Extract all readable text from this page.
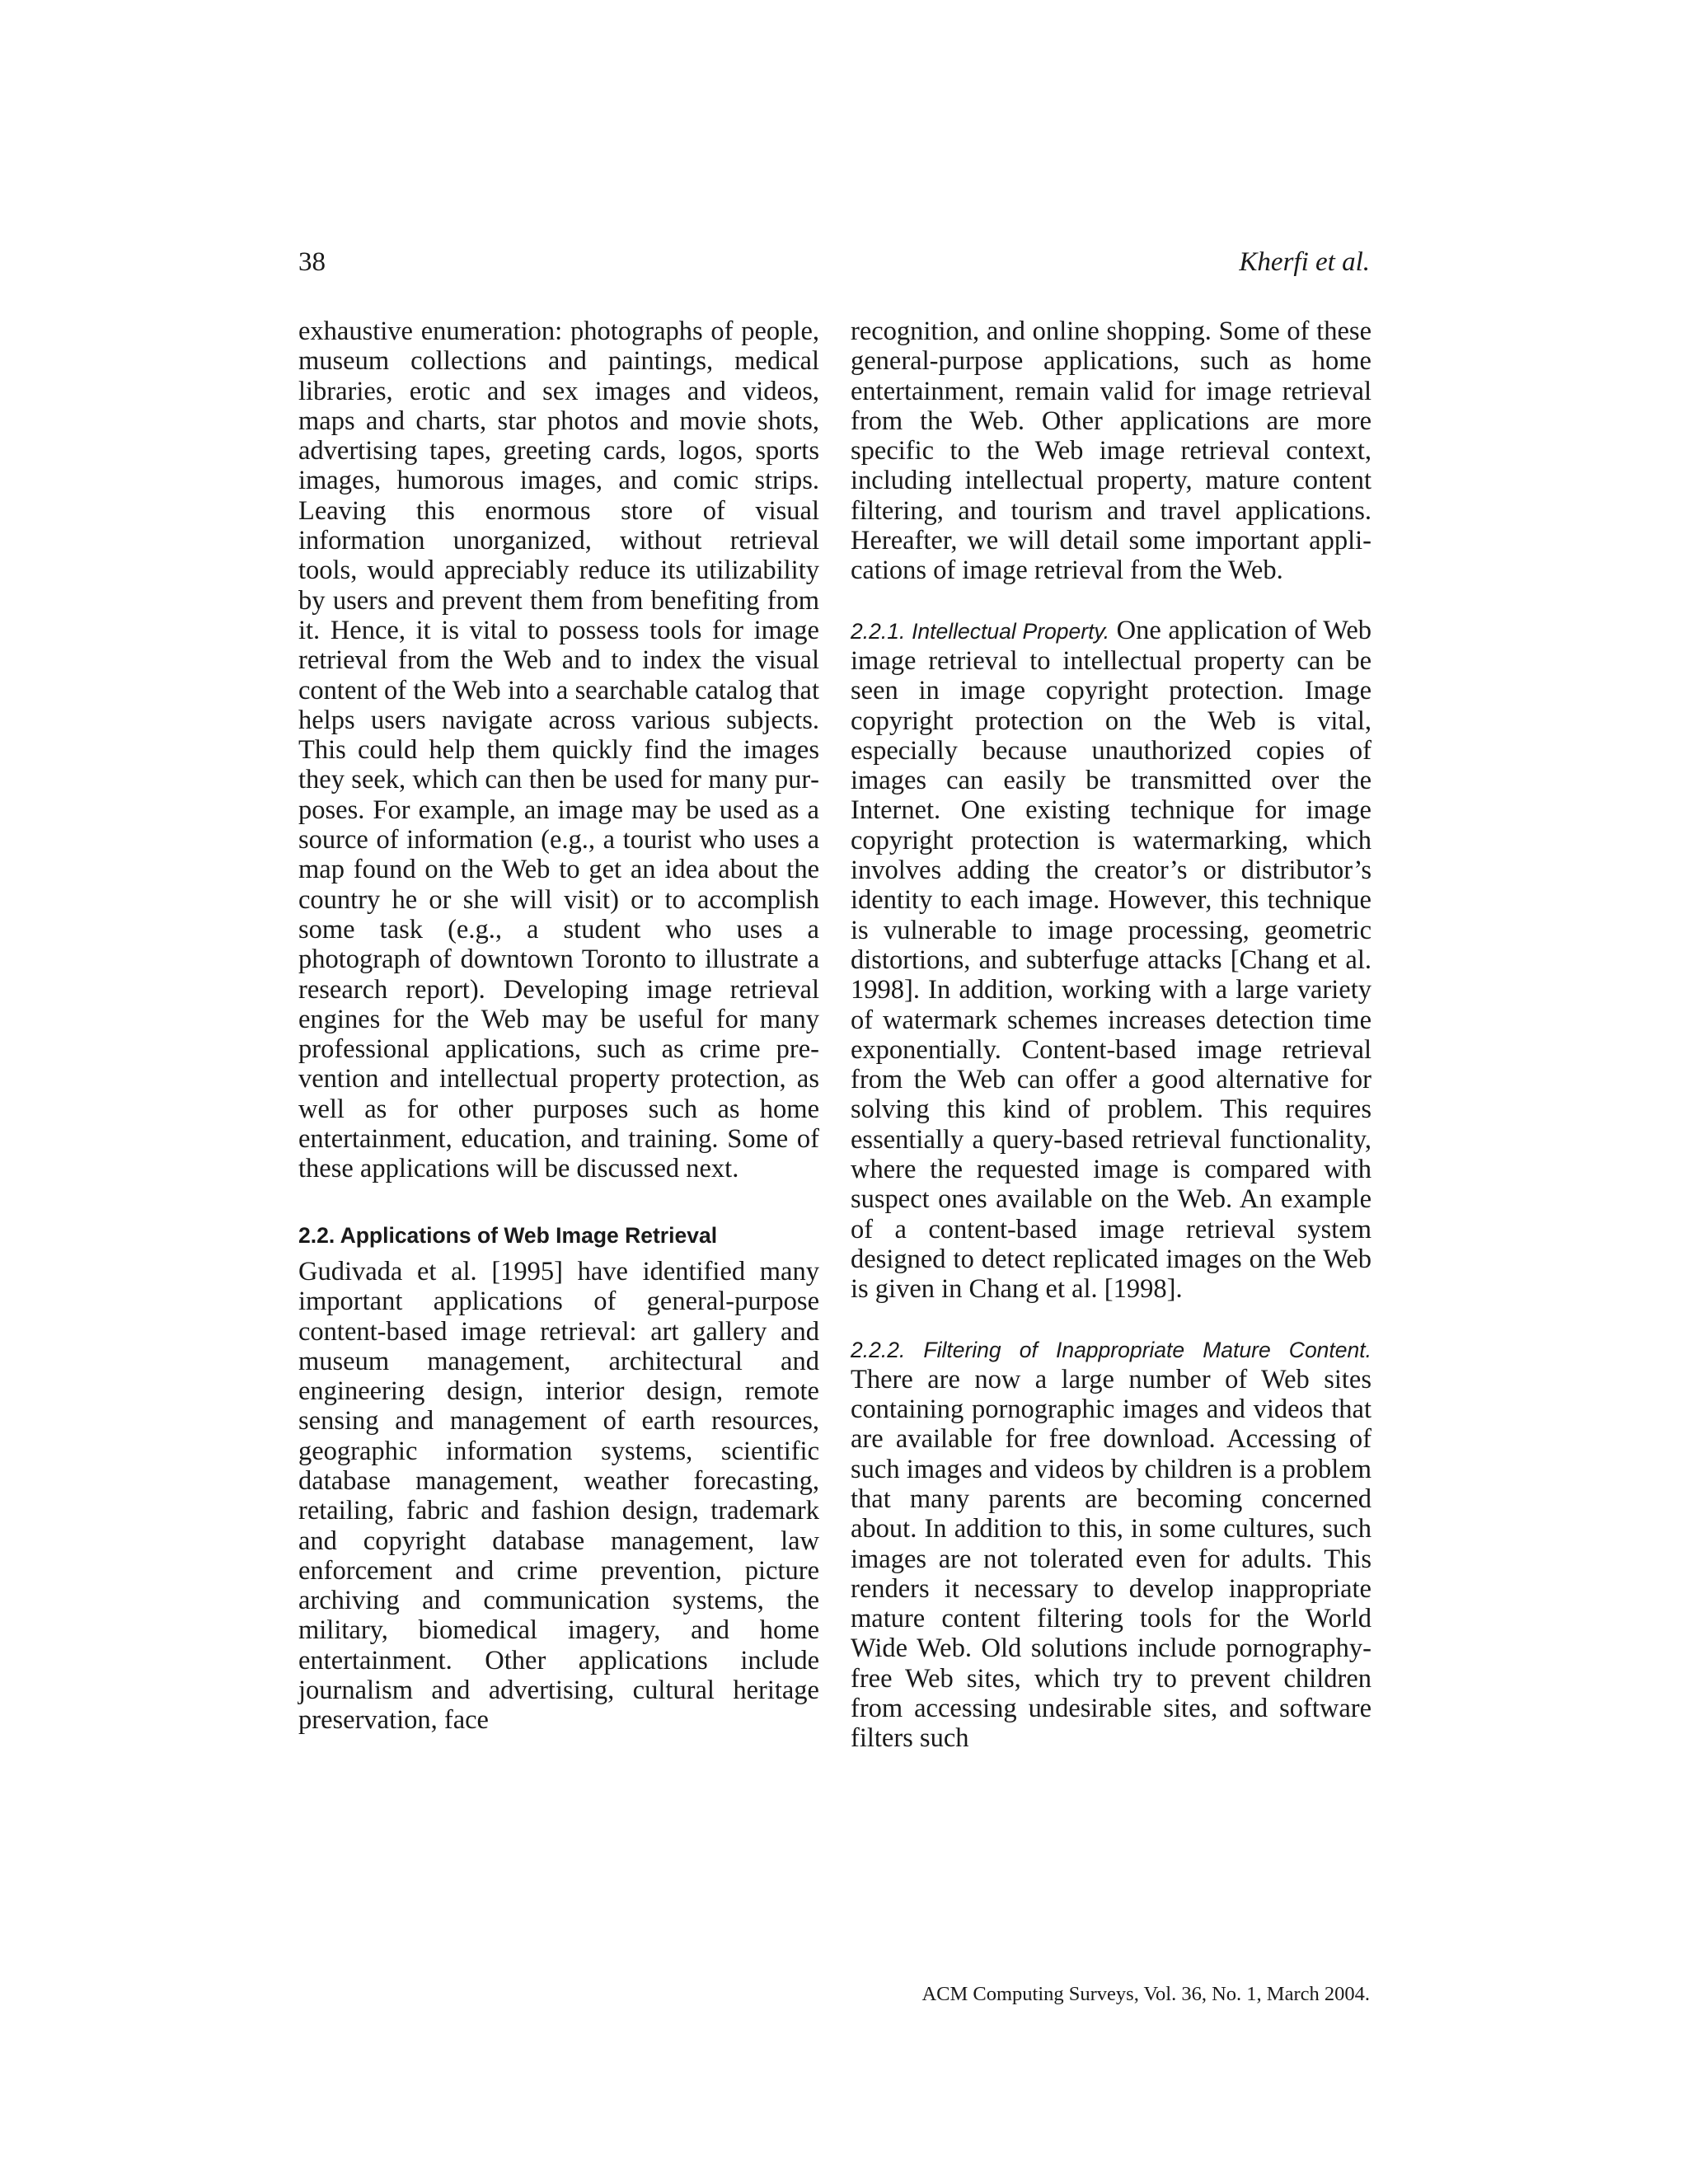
38	Kherfi et al.

exhaustive enumeration: photographs of people, museum collections and paintings, medical libraries, erotic and sex images and videos, maps and charts, star photos and movie shots, advertising tapes, greeting cards, logos, sports images, humorous images, and comic strips. Leaving this enormous store of visual information unorganized, without retrieval tools, would appreciably reduce its utilizability by users and prevent them from benefiting from it. Hence, it is vital to possess tools for image retrieval from the Web and to index the visual content of the Web into a searchable catalog that helps users navigate across various subjects. This could help them quickly find the images they seek, which can then be used for many purposes. For example, an image may be used as a source of information (e.g., a tourist who uses a map found on the Web to get an idea about the country he or she will visit) or to accomplish some task (e.g., a student who uses a photograph of downtown Toronto to illustrate a research report). Developing image retrieval engines for the Web may be useful for many professional applications, such as crime prevention and intellectual property protection, as well as for other purposes such as home entertainment, education, and training. Some of these applications will be discussed next.

2.2. Applications of Web Image Retrieval

Gudivada et al. [1995] have identified many important applications of general-purpose content-based image retrieval: art gallery and museum management, architectural and engineering design, interior design, remote sensing and management of earth resources, geographic information systems, scientific database management, weather forecasting, retailing, fabric and fashion design, trademark and copyright database management, law enforcement and crime prevention, picture archiving and communication systems, the military, biomedical imagery, and home entertainment. Other applications include journalism and advertising, cultural heritage preservation, face

recognition, and online shopping. Some of these general-purpose applications, such as home entertainment, remain valid for image retrieval from the Web. Other applications are more specific to the Web image retrieval context, including intellectual property, mature content filtering, and tourism and travel applications. Hereafter, we will detail some important applications of image retrieval from the Web.

2.2.1. Intellectual Property. One application of Web image retrieval to intellectual property can be seen in image copyright protection. Image copyright protection on the Web is vital, especially because unauthorized copies of images can easily be transmitted over the Internet. One existing technique for image copyright protection is watermarking, which involves adding the creator’s or distributor’s identity to each image. However, this technique is vulnerable to image processing, geometric distortions, and subterfuge attacks [Chang et al. 1998]. In addition, working with a large variety of watermark schemes increases detection time exponentially. Content-based image retrieval from the Web can offer a good alternative for solving this kind of problem. This requires essentially a query-based retrieval functionality, where the requested image is compared with suspect ones available on the Web. An example of a content-based image retrieval system designed to detect replicated images on the Web is given in Chang et al. [1998].

2.2.2. Filtering of Inappropriate Mature Content. There are now a large number of Web sites containing pornographic images and videos that are available for free download. Accessing of such images and videos by children is a problem that many parents are becoming concerned about. In addition to this, in some cultures, such images are not tolerated even for adults. This renders it necessary to develop inappropriate mature content filtering tools for the World Wide Web. Old solutions include pornography-free Web sites, which try to prevent children from accessing undesirable sites, and software filters such

ACM Computing Surveys, Vol. 36, No. 1, March 2004.
